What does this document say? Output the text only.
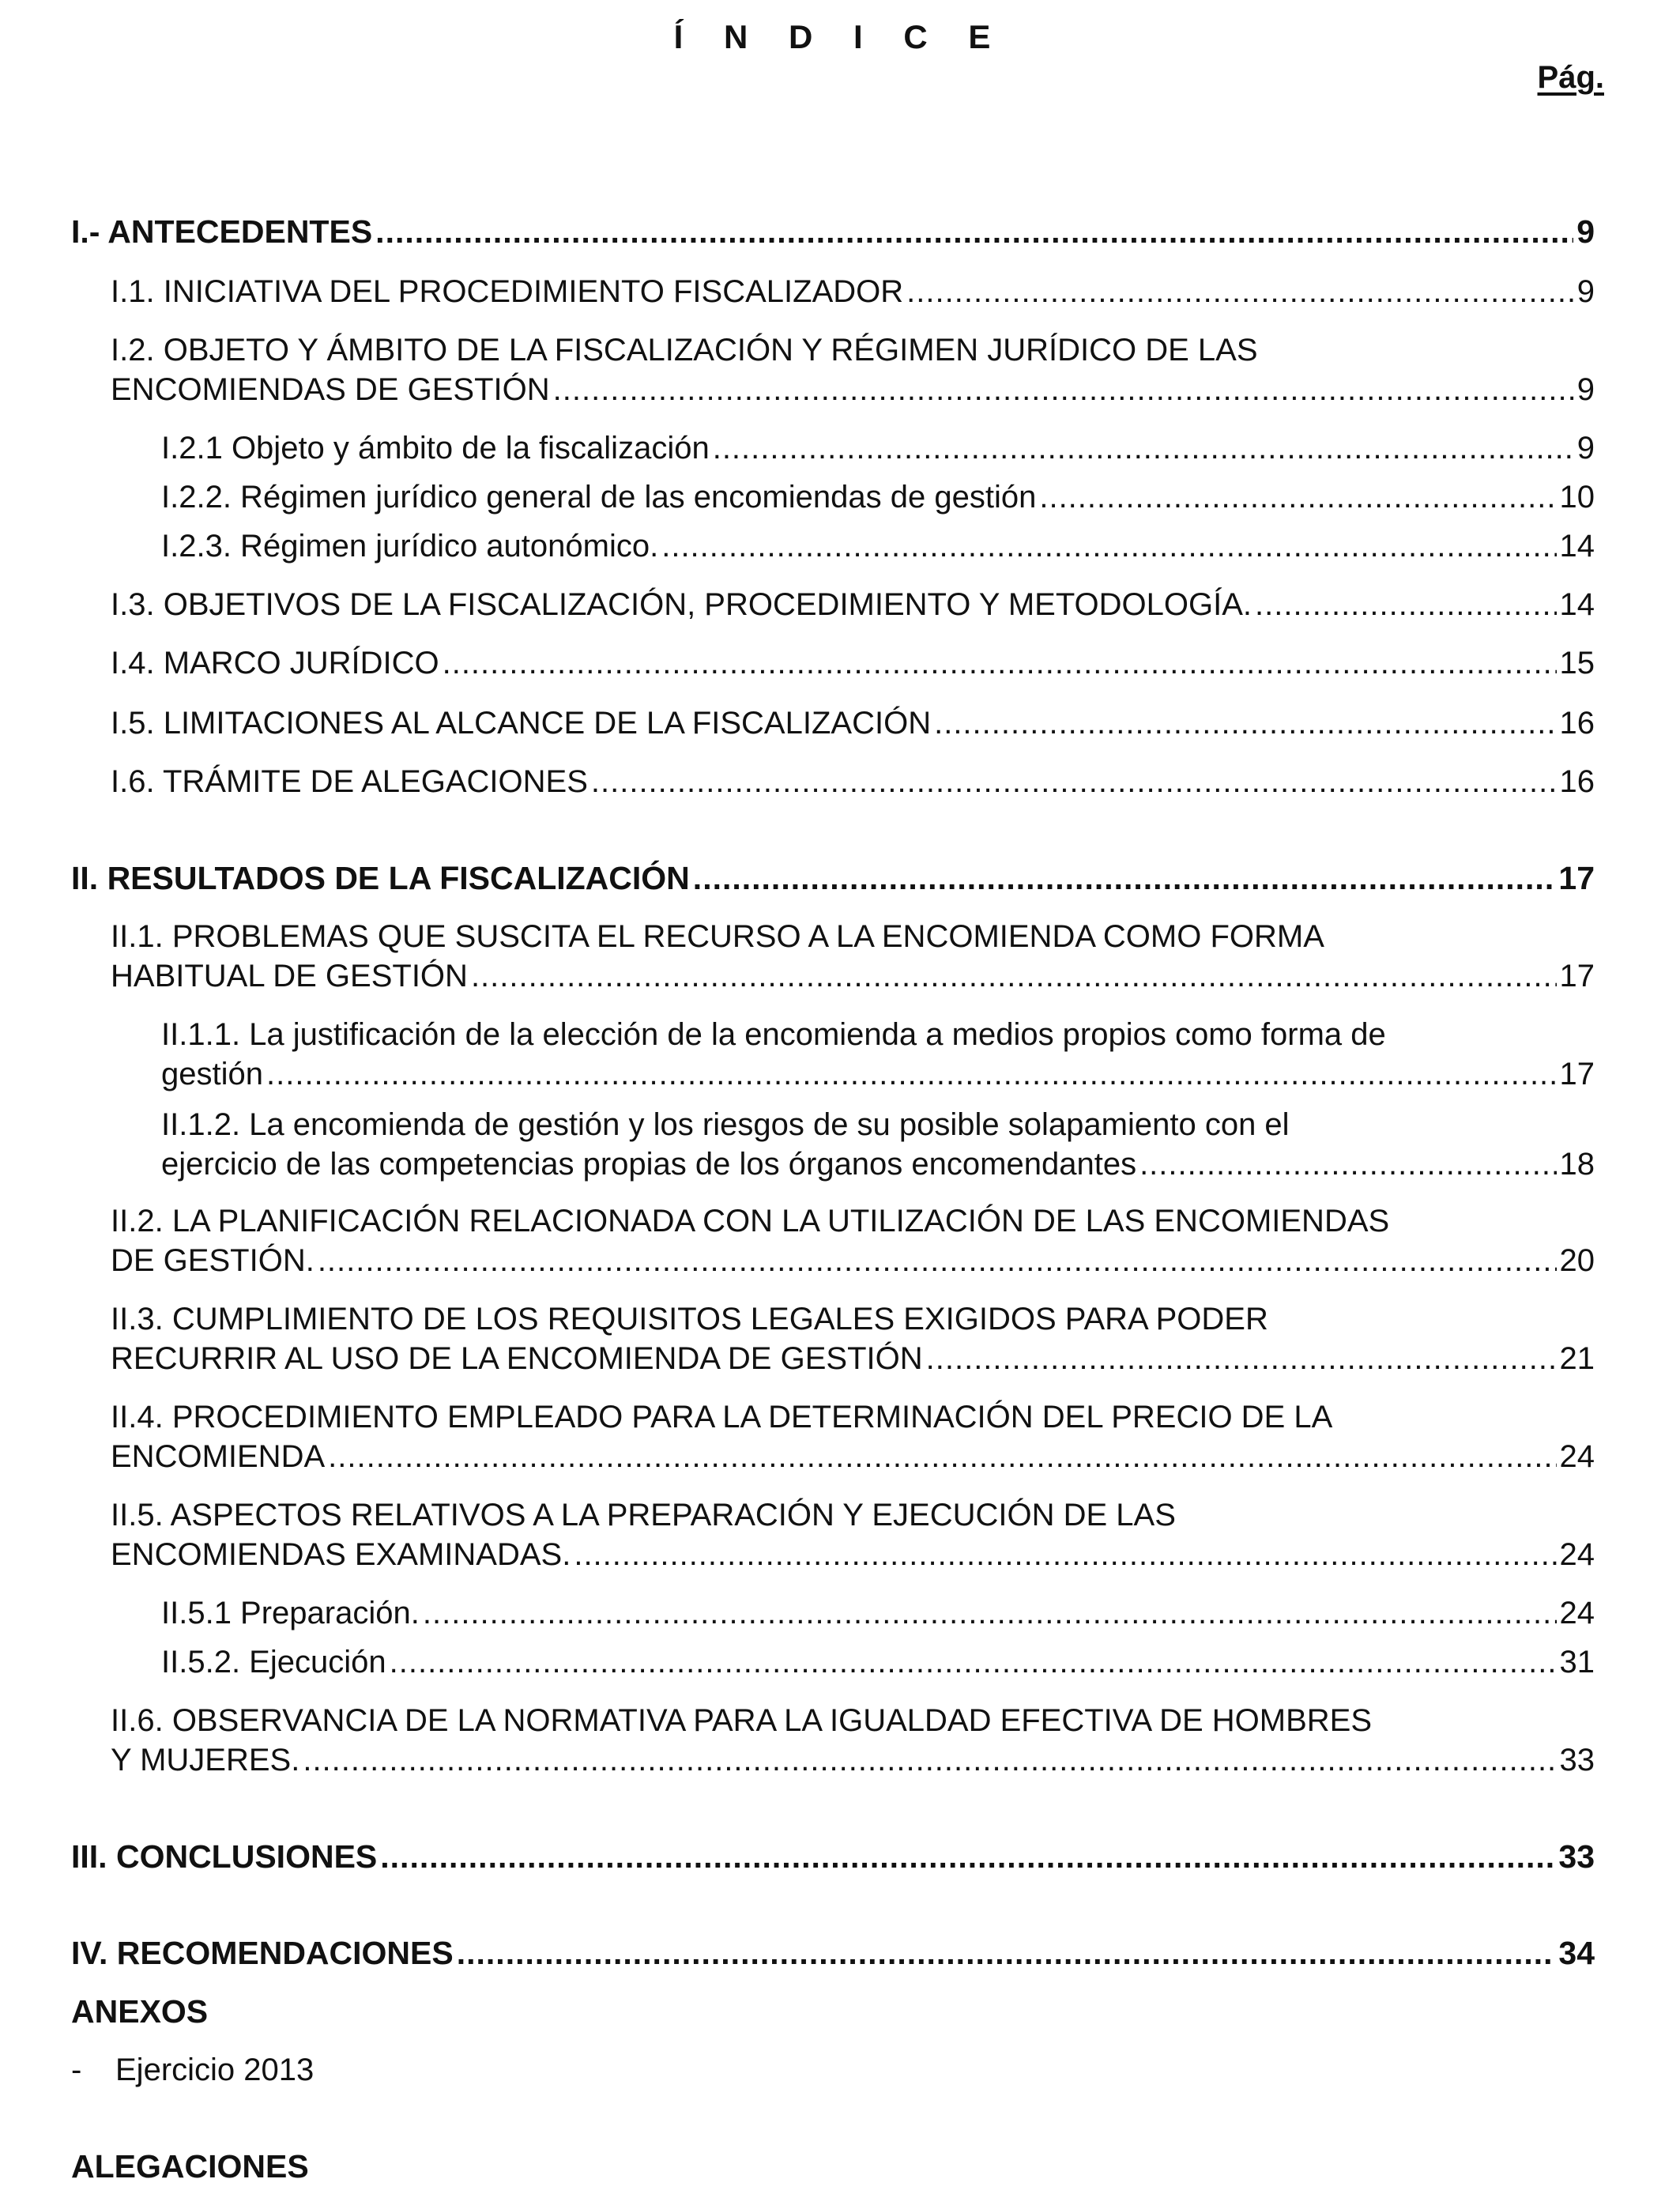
Í N D I C E
Pág.
I.- ANTECEDENTES .....	9
I.1. INICIATIVA DEL PROCEDIMIENTO FISCALIZADOR .....	9
I.2. OBJETO Y ÁMBITO DE LA FISCALIZACIÓN Y RÉGIMEN JURÍDICO DE LAS
ENCOMIENDAS DE GESTIÓN .....	9
I.2.1 Objeto y ámbito de la fiscalización .....	9
I.2.2. Régimen jurídico general de las encomiendas de gestión .....	10
I.2.3. Régimen jurídico autonómico. .....	14
I.3. OBJETIVOS DE LA FISCALIZACIÓN, PROCEDIMIENTO Y METODOLOGÍA. .....	14
I.4. MARCO JURÍDICO .....	15
I.5. LIMITACIONES AL ALCANCE DE LA FISCALIZACIÓN .....	16
I.6. TRÁMITE DE ALEGACIONES .....	16
II. RESULTADOS DE LA FISCALIZACIÓN .....	17
II.1. PROBLEMAS QUE SUSCITA EL RECURSO A LA ENCOMIENDA COMO FORMA
HABITUAL DE GESTIÓN .....	17
II.1.1. La justificación de la elección de la encomienda a medios propios como forma de
gestión .....	17
II.1.2. La encomienda de gestión y los riesgos de su posible solapamiento con el
ejercicio de las competencias propias de los órganos encomendantes .....	18
II.2. LA PLANIFICACIÓN RELACIONADA CON LA UTILIZACIÓN DE LAS ENCOMIENDAS
DE GESTIÓN. .....	20
II.3. CUMPLIMIENTO DE LOS REQUISITOS LEGALES EXIGIDOS PARA PODER
RECURRIR AL USO DE LA ENCOMIENDA DE GESTIÓN .....	21
II.4. PROCEDIMIENTO EMPLEADO PARA LA DETERMINACIÓN DEL PRECIO DE LA
ENCOMIENDA .....	24
II.5. ASPECTOS RELATIVOS A LA PREPARACIÓN Y EJECUCIÓN DE LAS
ENCOMIENDAS EXAMINADAS. .....	24
II.5.1 Preparación. .....	24
II.5.2. Ejecución .....	31
II.6. OBSERVANCIA DE LA NORMATIVA PARA LA IGUALDAD EFECTIVA DE HOMBRES
Y MUJERES. .....	33
III. CONCLUSIONES .....	33
IV. RECOMENDACIONES .....	34
ANEXOS
- Ejercicio 2013
ALEGACIONES
